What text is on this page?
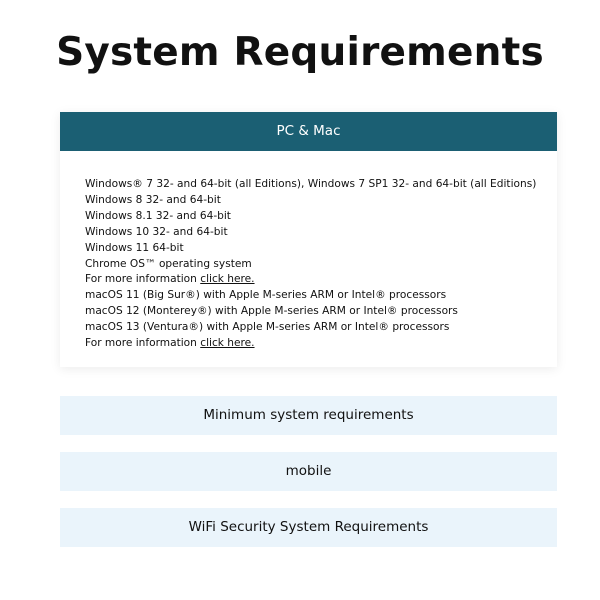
System Requirements
PC & Mac
Windows® 7 32- and 64-bit (all Editions), Windows 7 SP1 32- and 64-bit (all Editions)
Windows 8 32- and 64-bit
Windows 8.1 32- and 64-bit
Windows 10 32- and 64-bit
Windows 11 64-bit
Chrome OS™ operating system
For more information click here.
macOS 11 (Big Sur®) with Apple M-series ARM or Intel® processors
macOS 12 (Monterey®) with Apple M-series ARM or Intel® processors
macOS 13 (Ventura®) with Apple M-series ARM or Intel® processors
For more information click here.
Minimum system requirements
mobile
WiFi Security System Requirements
